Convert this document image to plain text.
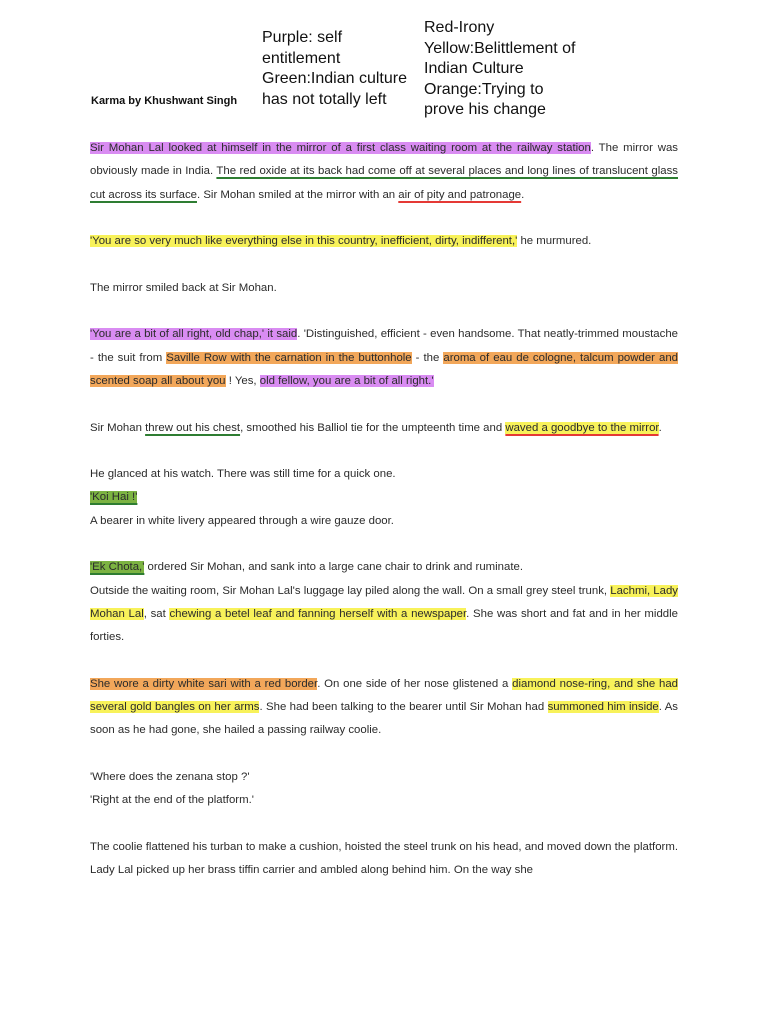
Karma by Khushwant Singh
Purple: self
entitlement
Green:Indian culture
has not totally left
Red-Irony
Yellow:Belittlement of
Indian Culture
Orange:Trying to
prove his change

Sir Mohan Lal looked at himself in the mirror of a first class waiting room at the railway station. The mirror was obviously made in India. The red oxide at its back had come off at several places and long lines of translucent glass cut across its surface. Sir Mohan smiled at the mirror with an air of pity and patronage.

'You are so very much like everything else in this country, inefficient, dirty, indifferent,' he murmured.

The mirror smiled back at Sir Mohan.

'You are a bit of all right, old chap,' it said. 'Distinguished, efficient - even handsome. That neatly-trimmed moustache - the suit from Saville Row with the carnation in the buttonhole - the aroma of eau de cologne, talcum powder and scented soap all about you ! Yes, old fellow, you are a bit of all right.'

Sir Mohan threw out his chest, smoothed his Balliol tie for the umpteenth time and waved a goodbye to the mirror.

He glanced at his watch. There was still time for a quick one.

'Koi Hai !'

A bearer in white livery appeared through a wire gauze door.

'Ek Chota,' ordered Sir Mohan, and sank into a large cane chair to drink and ruminate.

Outside the waiting room, Sir Mohan Lal's luggage lay piled along the wall. On a small grey steel trunk, Lachmi, Lady Mohan Lal, sat chewing a betel leaf and fanning herself with a newspaper. She was short and fat and in her middle forties.

She wore a dirty white sari with a red border. On one side of her nose glistened a diamond nose-ring, and she had several gold bangles on her arms. She had been talking to the bearer until Sir Mohan had summoned him inside. As soon as he had gone, she hailed a passing railway coolie.

'Where does the zenana stop ?'

'Right at the end of the platform.'

The coolie flattened his turban to make a cushion, hoisted the steel trunk on his head, and moved down the platform. Lady Lal picked up her brass tiffin carrier and ambled along behind him. On the way she
